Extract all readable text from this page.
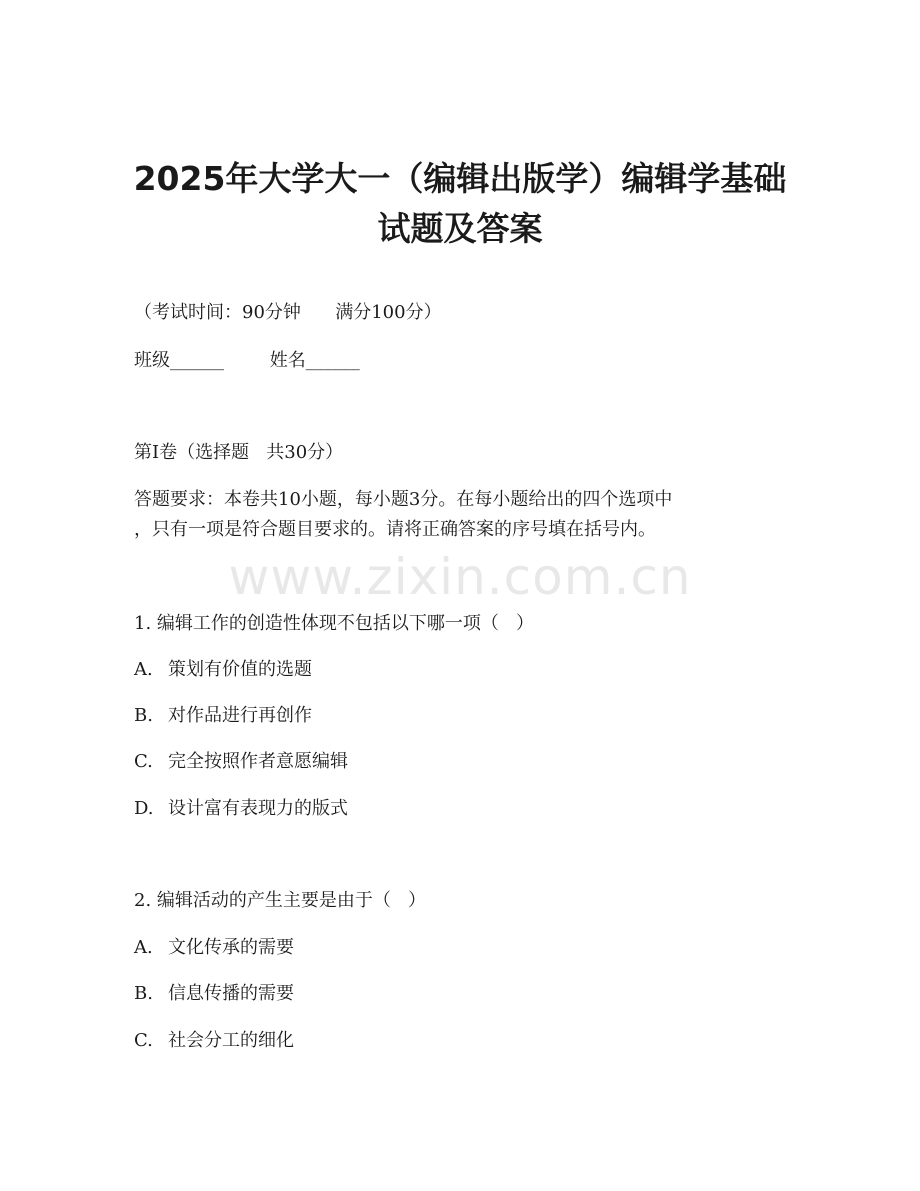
2025年大学大一（编辑出版学）编辑学基础
试题及答案

（考试时间：90分钟      满分100分）

班级______        姓名______

第I卷（选择题   共30分）

答题要求：本卷共10小题，每小题3分。在每小题给出的四个选项中

，只有一项是符合题目要求的。请将正确答案的序号填在括号内。

www.zixin.com.cn

1. 编辑工作的创造性体现不包括以下哪一项（   ）

A. 策划有价值的选题

B. 对作品进行再创作

C. 完全按照作者意愿编辑

D. 设计富有表现力的版式

2. 编辑活动的产生主要是由于（   ）

A. 文化传承的需要

B. 信息传播的需要

C. 社会分工的细化
